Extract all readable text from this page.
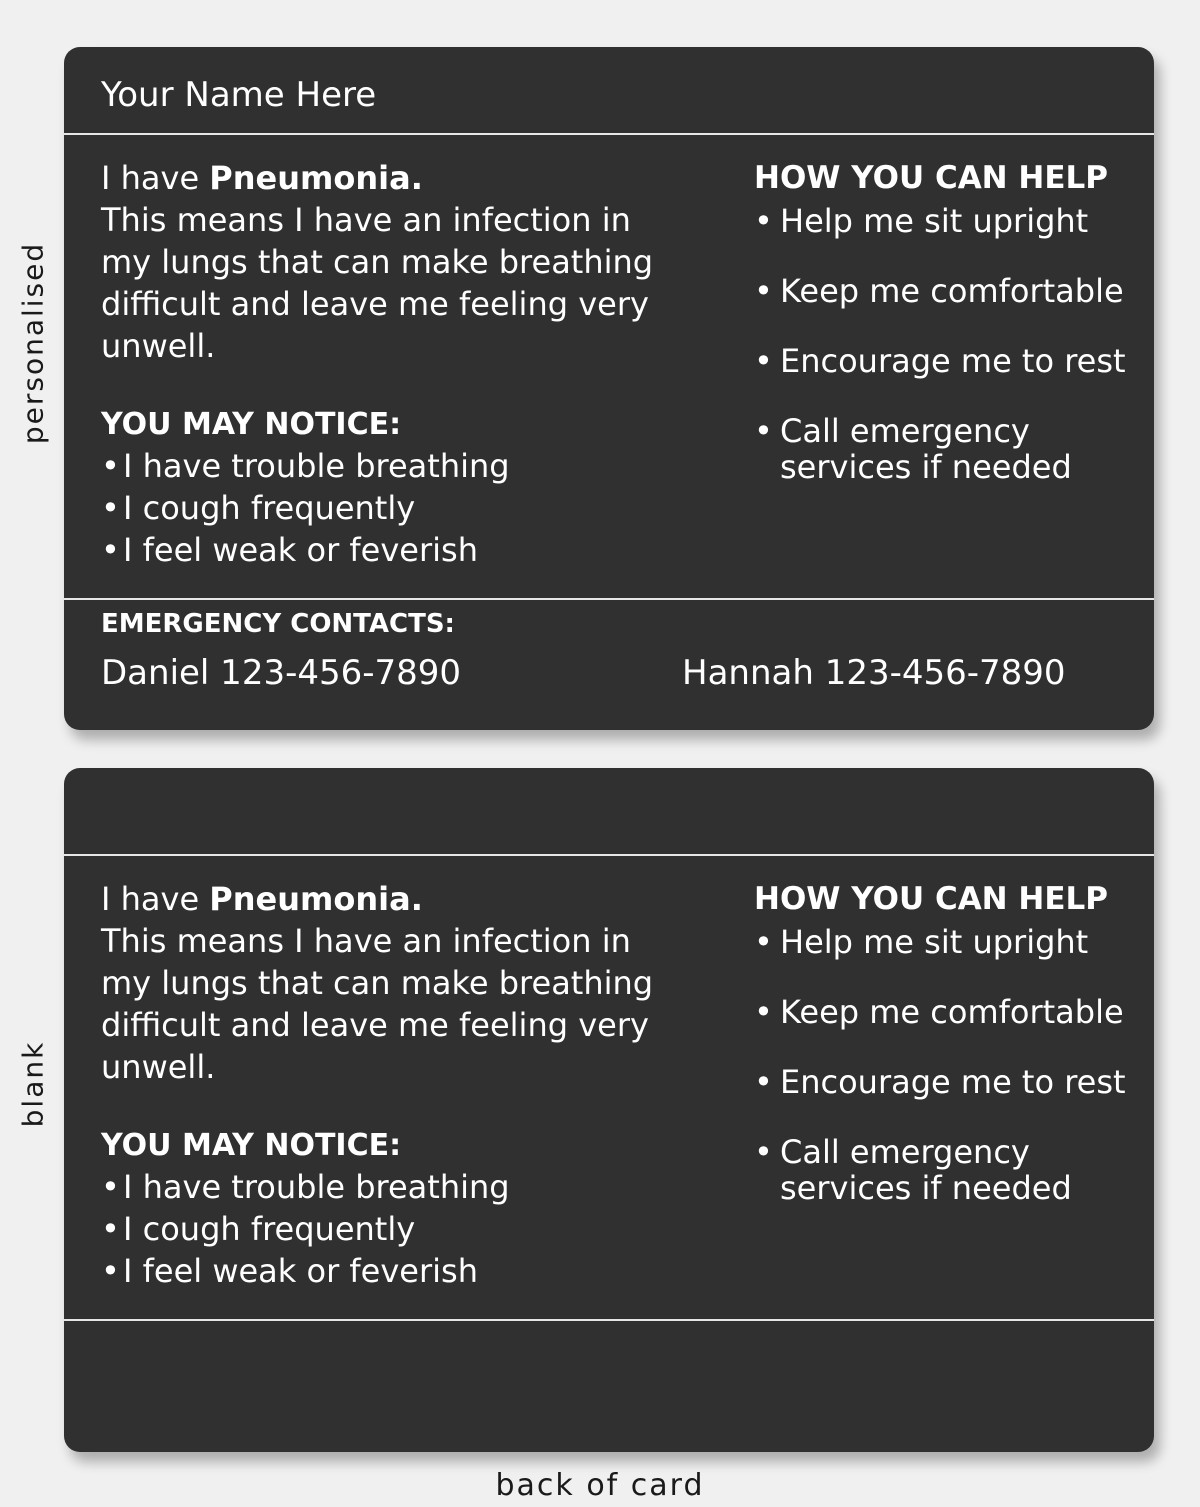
personalised
blank
Your Name Here

I have Pneumonia.
This means I have an infection in my lungs that can make breathing difficult and leave me feeling very unwell.

YOU MAY NOTICE:
•I have trouble breathing
•I cough frequently
•I feel weak or feverish
HOW YOU CAN HELP
• Help me sit upright
• Keep me comfortable
• Encourage me to rest
• Call emergency services if needed
EMERGENCY CONTACTS:
Daniel 123-456-7890	Hannah 123-456-7890

I have Pneumonia.
This means I have an infection in my lungs that can make breathing difficult and leave me feeling very unwell.

YOU MAY NOTICE:
•I have trouble breathing
•I cough frequently
•I feel weak or feverish
HOW YOU CAN HELP
• Help me sit upright
• Keep me comfortable
• Encourage me to rest
• Call emergency services if needed
back of card
